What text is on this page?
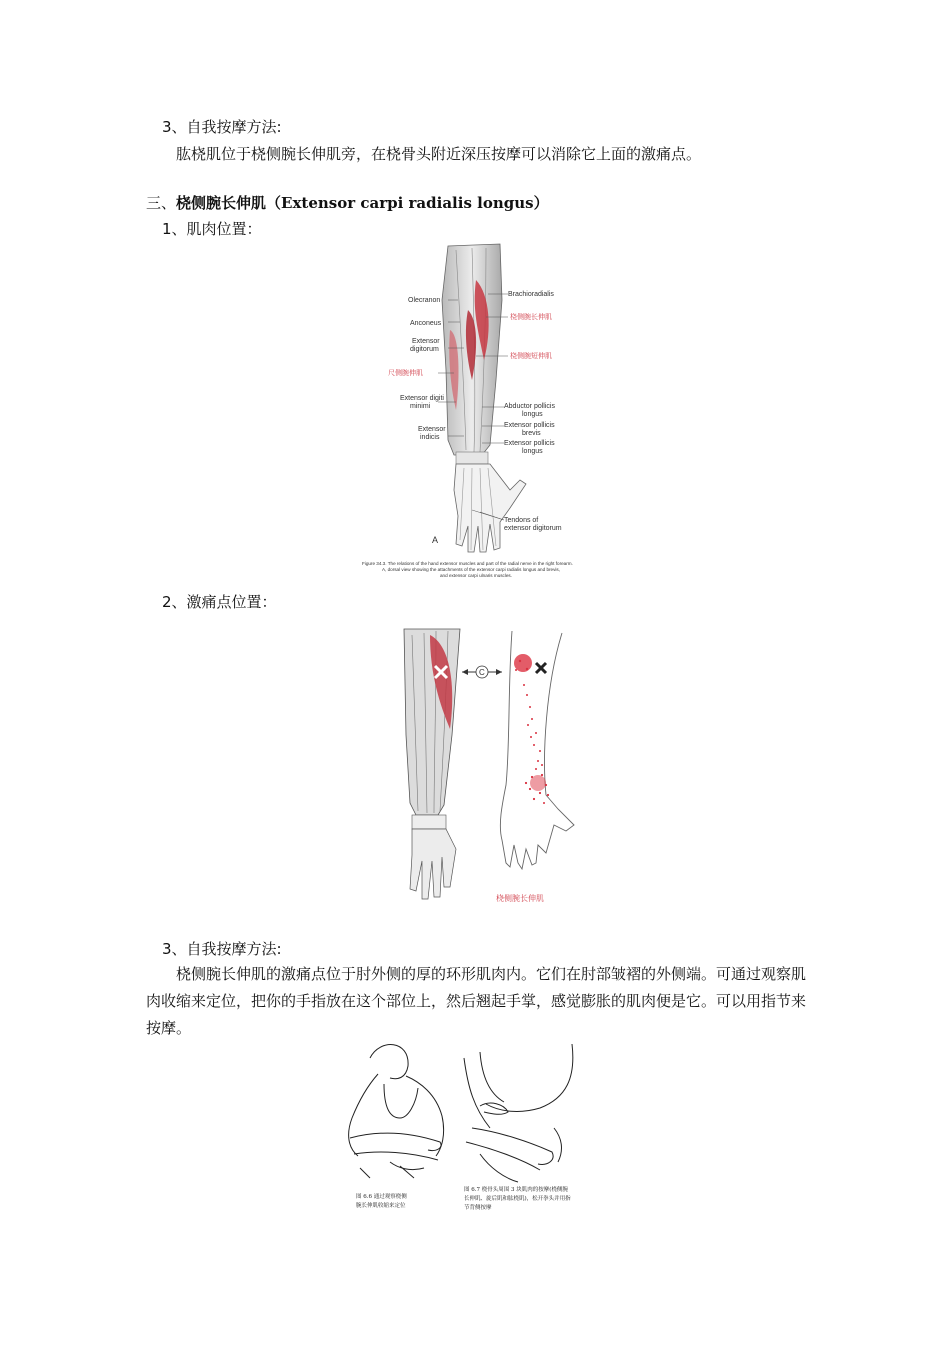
3、自我按摩方法:
肱桡肌位于桡侧腕长伸肌旁，在桡骨头附近深压按摩可以消除它上面的激痛点。
三、桡侧腕长伸肌（Extensor carpi radialis longus）
1、肌肉位置：
Olecranon
Anconeus
Extensor
digitorum
尺侧腕伸肌
Extensor digiti
minimi
Extensor
indicis
Brachioradialis
桡侧腕长伸肌
桡侧腕短伸肌
Abductor pollicis
longus
Extensor pollicis
brevis
Extensor pollicis
longus
Tendons of
extensor digitorum
A
Figure 34.3. The relations of the hand extensor muscles and part of the radial nerve in the right forearm.
A, dorsal view showing the attachments of the extensor carpi radialis longus and brevis,
and extensor carpi ulnaris muscles.
2、激痛点位置：
C
桡侧腕长伸肌
3、自我按摩方法:
桡侧腕长伸肌的激痛点位于肘外侧的厚的环形肌肉内。它们在肘部皱褶的外侧端。可通过观察肌肉收缩来定位，把你的手指放在这个部位上，然后翘起手掌，感觉膨胀的肌肉便是它。可以用指节来按摩。
图 6.6 通过观察桡侧
腕长伸肌收缩来定位
图 6.7 桡骨头周围 3 块肌肉的按摩(桡侧腕
长伸肌、旋后肌和肱桡肌)，松开拳头并用指
节背侧按摩
